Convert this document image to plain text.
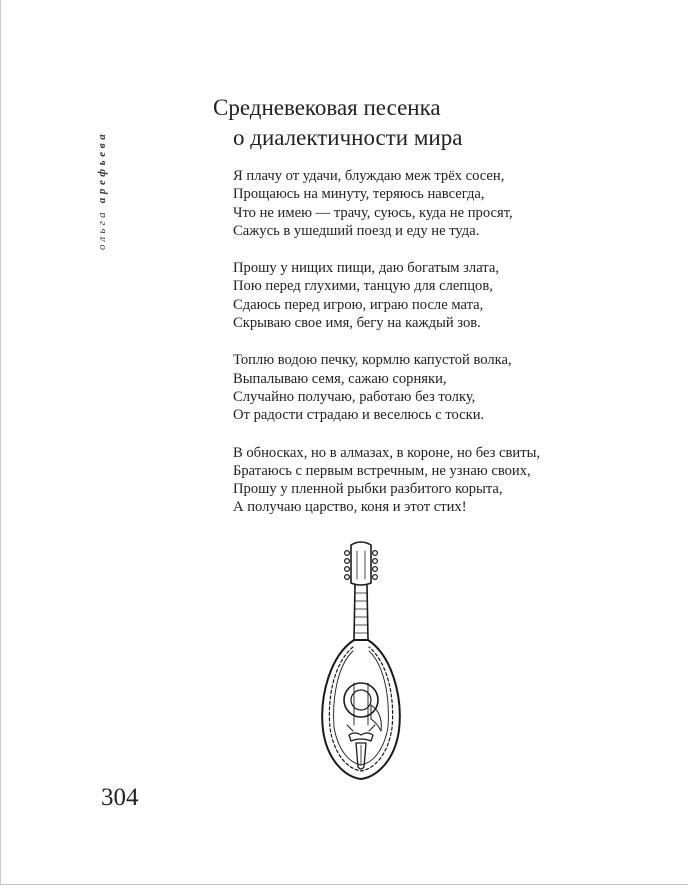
ольга арефьева
Средневековая песенка
о диалектичности мира

Я плачу от удачи, блуждаю меж трёх сосен,
Прощаюсь на минуту, теряюсь навсегда,
Что не имею — трачу, суюсь, куда не просят,
Сажусь в ушедший поезд и еду не туда.

Прошу у нищих пищи, даю богатым злата,
Пою перед глухими, танцую для слепцов,
Сдаюсь перед игрою, играю после мата,
Скрываю свое имя, бегу на каждый зов.

Топлю водою печку, кормлю капустой волка,
Выпалываю семя, сажаю сорняки,
Случайно получаю, работаю без толку,
От радости страдаю и веселюсь с тоски.

В обносках, но в алмазах, в короне, но без свиты,
Братаюсь с первым встречным, не узнаю своих,
Прошу у пленной рыбки разбитого корыта,
А получаю царство, коня и этот стих!

304
